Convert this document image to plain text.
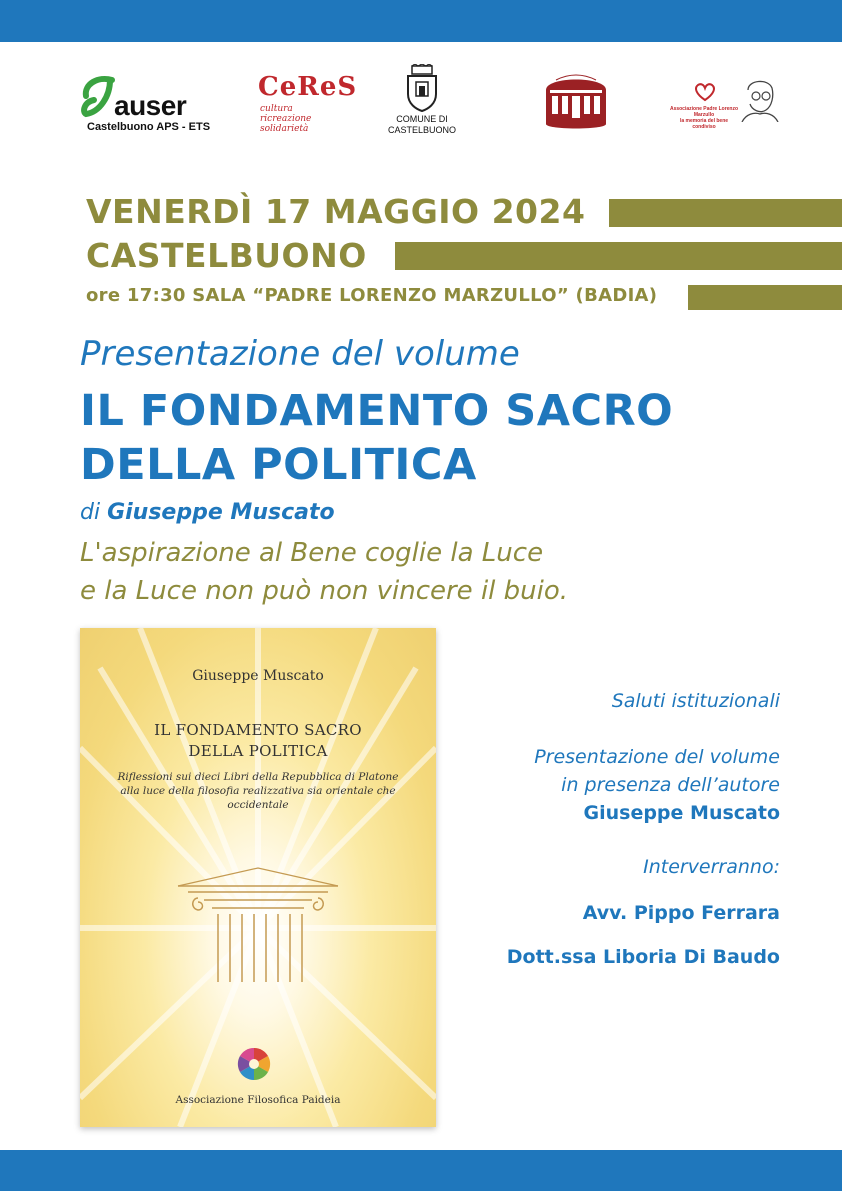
auser
Castelbuono APS - ETS
CeReS
cultura
ricreazione
solidarietà
COMUNE DI
CASTELBUONO
Associazione Padre Lorenzo Marzullo
la memoria del bene condiviso
VENERDÌ 17 MAGGIO 2024
CASTELBUONO
ore 17:30 SALA “PADRE LORENZO MARZULLO” (BADIA)
Presentazione del volume
IL FONDAMENTO SACRO
DELLA POLITICA
di Giuseppe Muscato
L'aspirazione al Bene coglie la Luce
e la Luce non può non vincere il buio.
Giuseppe Muscato
IL FONDAMENTO SACRO
DELLA POLITICA
Riflessioni sui dieci Libri della Repubblica di Platone alla luce della filosofia realizzativa sia orientale che occidentale
Associazione Filosofica Paideia
Saluti istituzionali
Presentazione del volume
in presenza dell’autore
Giuseppe Muscato
Interverranno:
Avv. Pippo Ferrara
Dott.ssa Liboria Di Baudo
